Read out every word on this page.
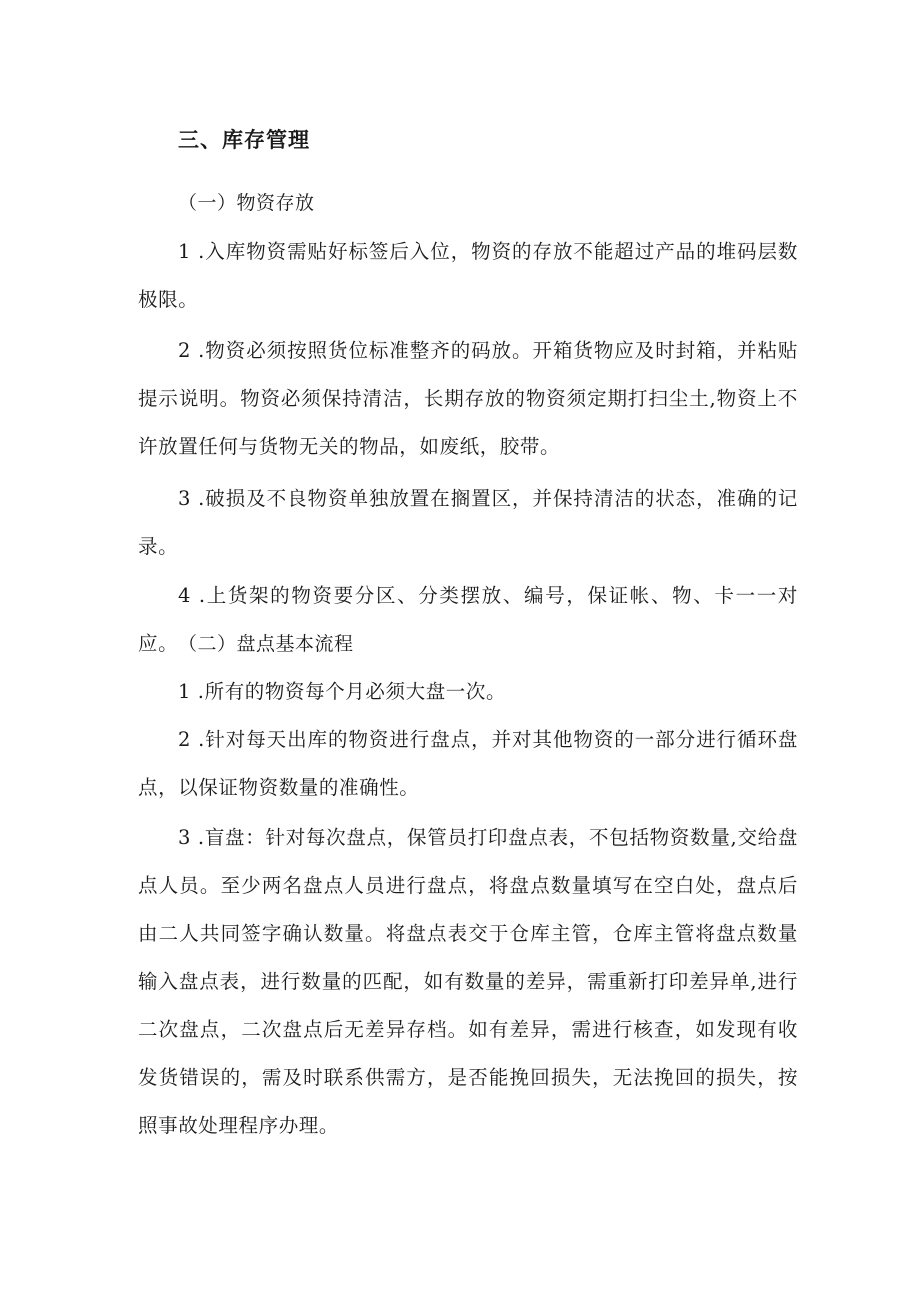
三、库存管理
（一）物资存放
1 .入库物资需贴好标签后入位，物资的存放不能超过产品的堆码层数极限。
2 .物资必须按照货位标准整齐的码放。开箱货物应及时封箱，并粘贴提示说明。物资必须保持清洁，长期存放的物资须定期打扫尘土,物资上不许放置任何与货物无关的物品，如废纸，胶带。
3 .破损及不良物资单独放置在搁置区，并保持清洁的状态，准确的记录。
4 .上货架的物资要分区、分类摆放、编号，保证帐、物、卡一一对应。 （二）盘点基本流程
1 .所有的物资每个月必须大盘一次。
2 .针对每天出库的物资进行盘点，并对其他物资的一部分进行循环盘点，以保证物资数量的准确性。
3 .盲盘：针对每次盘点，保管员打印盘点表，不包括物资数量,交给盘点人员。至少两名盘点人员进行盘点，将盘点数量填写在空白处，盘点后由二人共同签字确认数量。将盘点表交于仓库主管，仓库主管将盘点数量输入盘点表，进行数量的匹配，如有数量的差异，需重新打印差异单,进行二次盘点，二次盘点后无差异存档。如有差异，需进行核查，如发现有收发货错误的，需及时联系供需方，是否能挽回损失，无法挽回的损失，按照事故处理程序办理。
